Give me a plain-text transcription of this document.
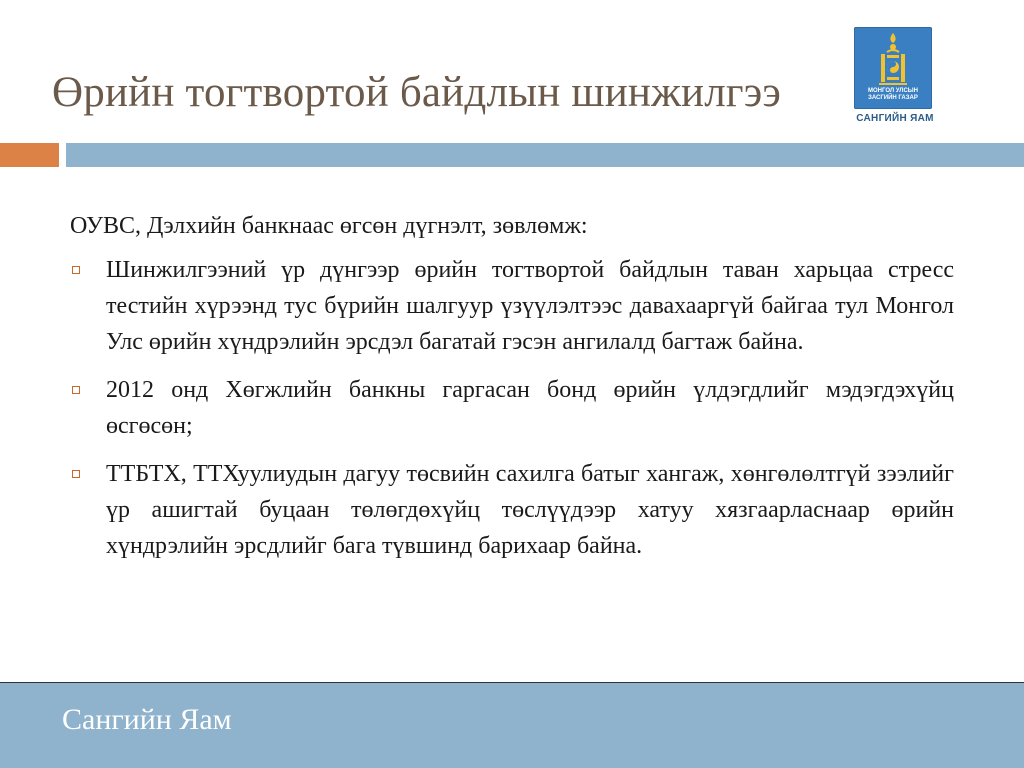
Өрийн тогтвортой байдлын шинжилгээ	МОНГОЛ УЛСЫН
ЗАСГИЙН ГАЗАР
САНГИЙН ЯАМ
ОУВС, Дэлхийн банкнаас өгсөн дүгнэлт, зөвлөмж:
Шинжилгээний үр дүнгээр өрийн тогтвортой байдлын таван харьцаа стресс тестийн хүрээнд тус бүрийн шалгуур үзүүлэлтээс давахааргүй байгаа тул Монгол Улс өрийн хүндрэлийн эрсдэл багатай гэсэн ангилалд багтаж байна.
2012 онд Хөгжлийн банкны гаргасан бонд өрийн үлдэгдлийг мэдэгдэхүйц өсгөсөн;
ТТБТХ, ТТХуулиудын дагуу төсвийн сахилга батыг хангаж, хөнгөлөлтгүй зээлийг үр ашигтай буцаан төлөгдөхүйц төслүүдээр хатуу хязгаарласнаар өрийн хүндрэлийн эрсдлийг бага түвшинд барихаар байна.
Сангийн Яам
